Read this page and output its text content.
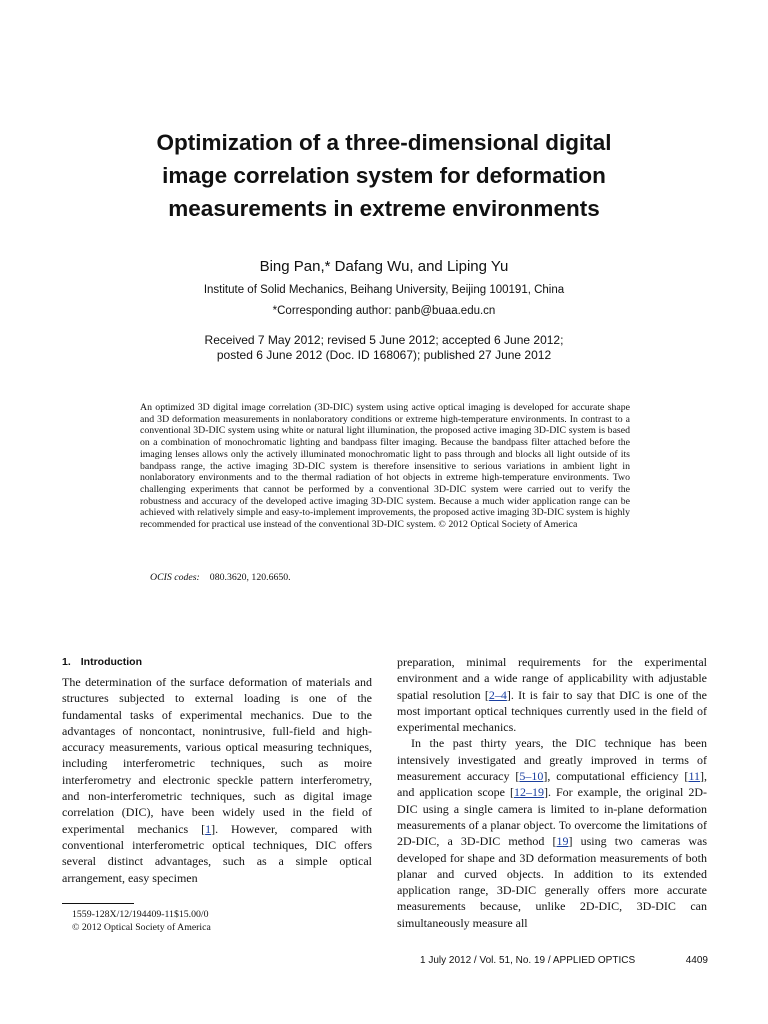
Optimization of a three-dimensional digital
image correlation system for deformation
measurements in extreme environments
Bing Pan,* Dafang Wu, and Liping Yu
Institute of Solid Mechanics, Beihang University, Beijing 100191, China
*Corresponding author: panb@buaa.edu.cn
Received 7 May 2012; revised 5 June 2012; accepted 6 June 2012;
posted 6 June 2012 (Doc. ID 168067); published 27 June 2012
An optimized 3D digital image correlation (3D-DIC) system using active optical imaging is developed for accurate shape and 3D deformation measurements in nonlaboratory conditions or extreme high-temperature environments. In contrast to a conventional 3D-DIC system using white or natural light illumination, the proposed active imaging 3D-DIC system is based on a combination of monochromatic lighting and bandpass filter imaging. Because the bandpass filter attached before the imaging lenses allows only the actively illuminated monochromatic light to pass through and blocks all light outside of its bandpass range, the active imaging 3D-DIC system is therefore insensitive to serious variations in ambient light in nonlaboratory environments and to the thermal radiation of hot objects in extreme high-temperature environments. Two challenging experiments that cannot be performed by a conventional 3D-DIC system were carried out to verify the robustness and accuracy of the developed active imaging 3D-DIC system. Because a much wider application range can be achieved with relatively simple and easy-to-implement improvements, the proposed active imaging 3D-DIC system is highly recommended for practical use instead of the conventional 3D-DIC system. © 2012 Optical Society of America
OCIS codes: 080.3620, 120.6650.
1. Introduction
The determination of the surface deformation of materials and structures subjected to external loading is one of the fundamental tasks of experimental mechanics. Due to the advantages of noncontact, nonintrusive, full-field and high-accuracy measurements, various optical measuring techniques, including interferometric techniques, such as moire interferometry and electronic speckle pattern interferometry, and non-interferometric techniques, such as digital image correlation (DIC), have been widely used in the field of experimental mechanics [1]. However, compared with conventional interferometric optical techniques, DIC offers several distinct advantages, such as a simple optical arrangement, easy specimen

preparation, minimal requirements for the experimental environment and a wide range of applicability with adjustable spatial resolution [2–4]. It is fair to say that DIC is one of the most important optical techniques currently used in the field of experimental mechanics.

In the past thirty years, the DIC technique has been intensively investigated and greatly improved in terms of measurement accuracy [5–10], computational efficiency [11], and application scope [12–19]. For example, the original 2D-DIC using a single camera is limited to in-plane deformation measurements of a planar object. To overcome the limitations of 2D-DIC, a 3D-DIC method [19] using two cameras was developed for shape and 3D deformation measurements of both planar and curved objects. In addition to its extended application range, 3D-DIC generally offers more accurate measurements because, unlike 2D-DIC, 3D-DIC can simultaneously measure all

1559-128X/12/194409-11$15.00/0
© 2012 Optical Society of America
1 July 2012 / Vol. 51, No. 19 / APPLIED OPTICS	4409
